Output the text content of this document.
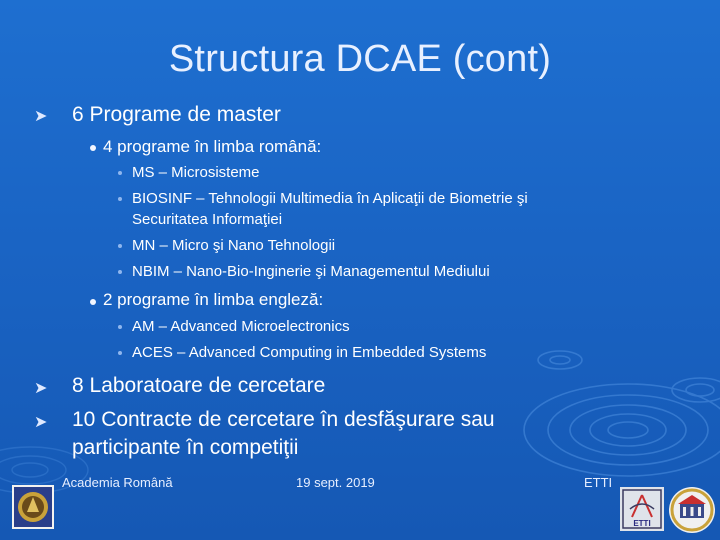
Structura DCAE (cont)
➤ 6 Programe de master
4 programe în limba română:
MS – Microsisteme
BIOSINF – Tehnologii Multimedia în Aplicaţii de Biometrie şi
Securitatea Informaţiei
MN – Micro şi Nano Tehnologii
NBIM – Nano-Bio-Inginerie şi Managementul Mediului
2 programe în limba engleză:
AM – Advanced Microelectronics
ACES – Advanced Computing in Embedded Systems
➤ 8 Laboratoare de cercetare
➤ 10 Contracte de cercetare în desfăşurare sau
participante în competiţii
Academia Română	19 sept. 2019	ETTI
ETTI
